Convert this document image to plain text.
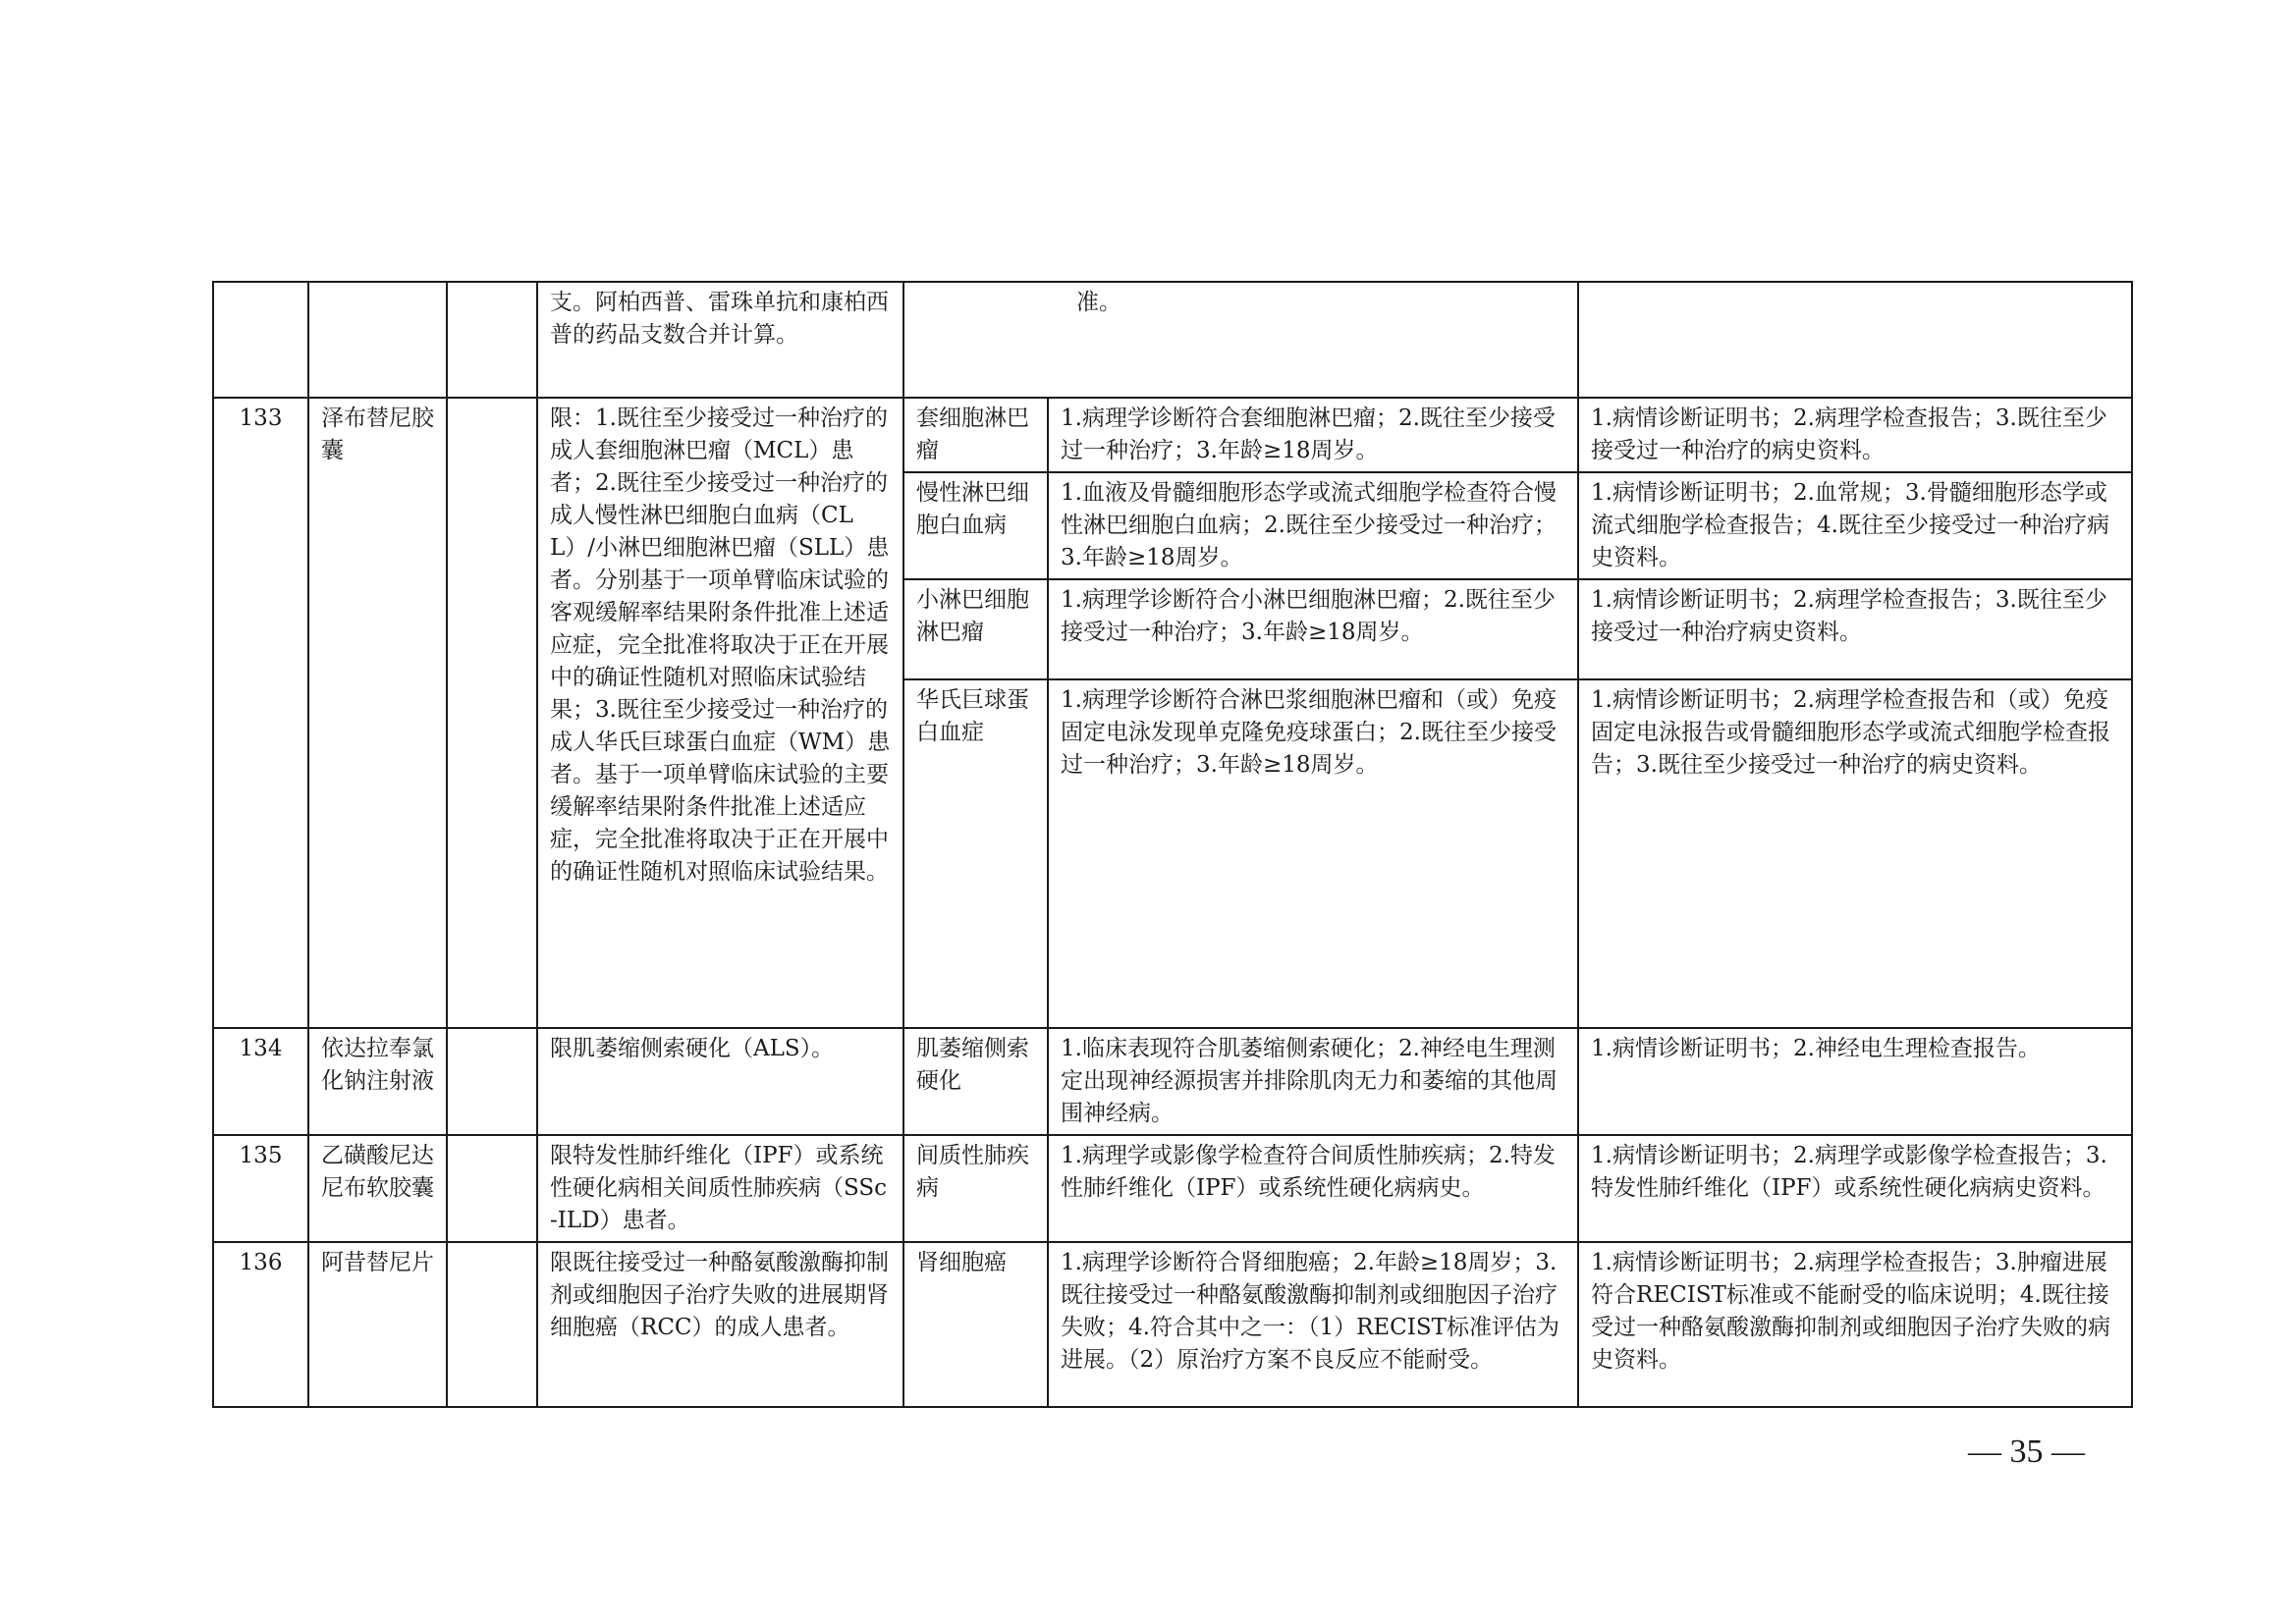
			支。阿柏西普、雷珠单抗和康柏西普的药品支数合并计算。	准。		
133	泽布替尼胶囊		限：1.既往至少接受过一种治疗的成人套细胞淋巴瘤（MCL）患者；2.既往至少接受过一种治疗的成人慢性淋巴细胞白血病（CLL）/小淋巴细胞淋巴瘤（SLL）患者。分别基于一项单臂临床试验的客观缓解率结果附条件批准上述适应症，完全批准将取决于正在开展中的确证性随机对照临床试验结果；3.既往至少接受过一种治疗的成人华氏巨球蛋白血症（WM）患者。基于一项单臂临床试验的主要缓解率结果附条件批准上述适应症，完全批准将取决于正在开展中的确证性随机对照临床试验结果。	套细胞淋巴瘤	1.病理学诊断符合套细胞淋巴瘤；2.既往至少接受过一种治疗；3.年龄≥18周岁。	1.病情诊断证明书；2.病理学检查报告；3.既往至少接受过一种治疗的病史资料。
				慢性淋巴细胞白血病	1.血液及骨髓细胞形态学或流式细胞学检查符合慢性淋巴细胞白血病；2.既往至少接受过一种治疗；3.年龄≥18周岁。	1.病情诊断证明书；2.血常规；3.骨髓细胞形态学或流式细胞学检查报告；4.既往至少接受过一种治疗病史资料。
				小淋巴细胞淋巴瘤	1.病理学诊断符合小淋巴细胞淋巴瘤；2.既往至少接受过一种治疗；3.年龄≥18周岁。	1.病情诊断证明书；2.病理学检查报告；3.既往至少接受过一种治疗病史资料。
				华氏巨球蛋白血症	1.病理学诊断符合淋巴浆细胞淋巴瘤和（或）免疫固定电泳发现单克隆免疫球蛋白；2.既往至少接受过一种治疗；3.年龄≥18周岁。	1.病情诊断证明书；2.病理学检查报告和（或）免疫固定电泳报告或骨髓细胞形态学或流式细胞学检查报告；3.既往至少接受过一种治疗的病史资料。
134	依达拉奉氯化钠注射液		限肌萎缩侧索硬化（ALS）。	肌萎缩侧索硬化	1.临床表现符合肌萎缩侧索硬化；2.神经电生理测定出现神经源损害并排除肌肉无力和萎缩的其他周围神经病。	1.病情诊断证明书；2.神经电生理检查报告。
135	乙磺酸尼达尼布软胶囊		限特发性肺纤维化（IPF）或系统性硬化病相关间质性肺疾病（SSc-ILD）患者。	间质性肺疾病	1.病理学或影像学检查符合间质性肺疾病；2.特发性肺纤维化（IPF）或系统性硬化病病史。	1.病情诊断证明书；2.病理学或影像学检查报告；3.特发性肺纤维化（IPF）或系统性硬化病病史资料。
136	阿昔替尼片		限既往接受过一种酪氨酸激酶抑制剂或细胞因子治疗失败的进展期肾细胞癌（RCC）的成人患者。	肾细胞癌	1.病理学诊断符合肾细胞癌；2.年龄≥18周岁；3.既往接受过一种酪氨酸激酶抑制剂或细胞因子治疗失败；4.符合其中之一：（1）RECIST标准评估为进展。（2）原治疗方案不良反应不能耐受。	1.病情诊断证明书；2.病理学检查报告；3.肿瘤进展符合RECIST标准或不能耐受的临床说明；4.既往接受过一种酪氨酸激酶抑制剂或细胞因子治疗失败的病史资料。
— 35 —
